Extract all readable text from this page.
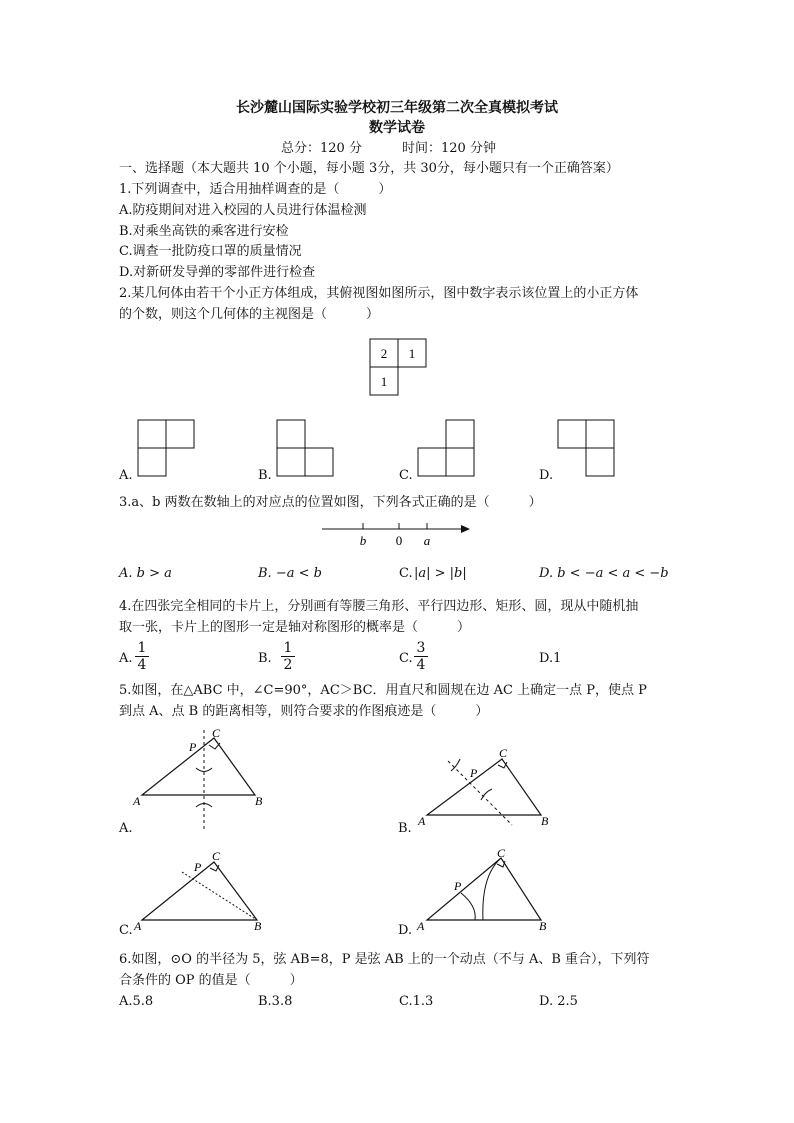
长沙麓山国际实验学校初三年级第二次全真模拟考试
数学试卷
总分：120 分	时间：120 分钟
一、选择题（本大题共 10 个小题，每小题 3分，共 30分，每小题只有一个正确答案）
1.下列调查中，适合用抽样调查的是（　　　）
A.防疫期间对进入校园的人员进行体温检测
B.对乘坐高铁的乘客进行安检
C.调查一批防疫口罩的质量情况
D.对新研发导弹的零部件进行检查
2.某几何体由若干个小正方体组成，其俯视图如图所示，图中数字表示该位置上的小正方体
的个数，则这个几何体的主视图是（　　　）
2 1
1
A.	B.	C.	D.
3.a、b 两数在数轴上的对应点的位置如图，下列各式正确的是（　　　）
b 0 a
A. b > a	B. −a < b	C. |a| > |b|	D. b < −a < a < −b
4.在四张完全相同的卡片上，分别画有等腰三角形、平行四边形、矩形、圆，现从中随机抽
取一张，卡片上的图形一定是轴对称图形的概率是（　　　）
A. $\frac{1}{4}$	B. $\frac{1}{2}$	C. $\frac{3}{4}$	D.1
5.如图，在△ABC 中，∠C=90°，AC＞BC．用直尺和圆规在边 AC 上确定一点 P，使点 P
到点 A、点 B 的距离相等，则符合要求的作图痕迹是（　　　）
A	B
C
P
A.	A	B
C
P
B.
A	B
C
P
C.	A	B
C
P
D.
6.如图，⊙O 的半径为 5，弦 AB=8，P 是弦 AB 上的一个动点（不与 A、B 重合），下列符
合条件的 OP 的值是（　　　）
A.5.8	B.3.8	C.1.3	D. 2.5
